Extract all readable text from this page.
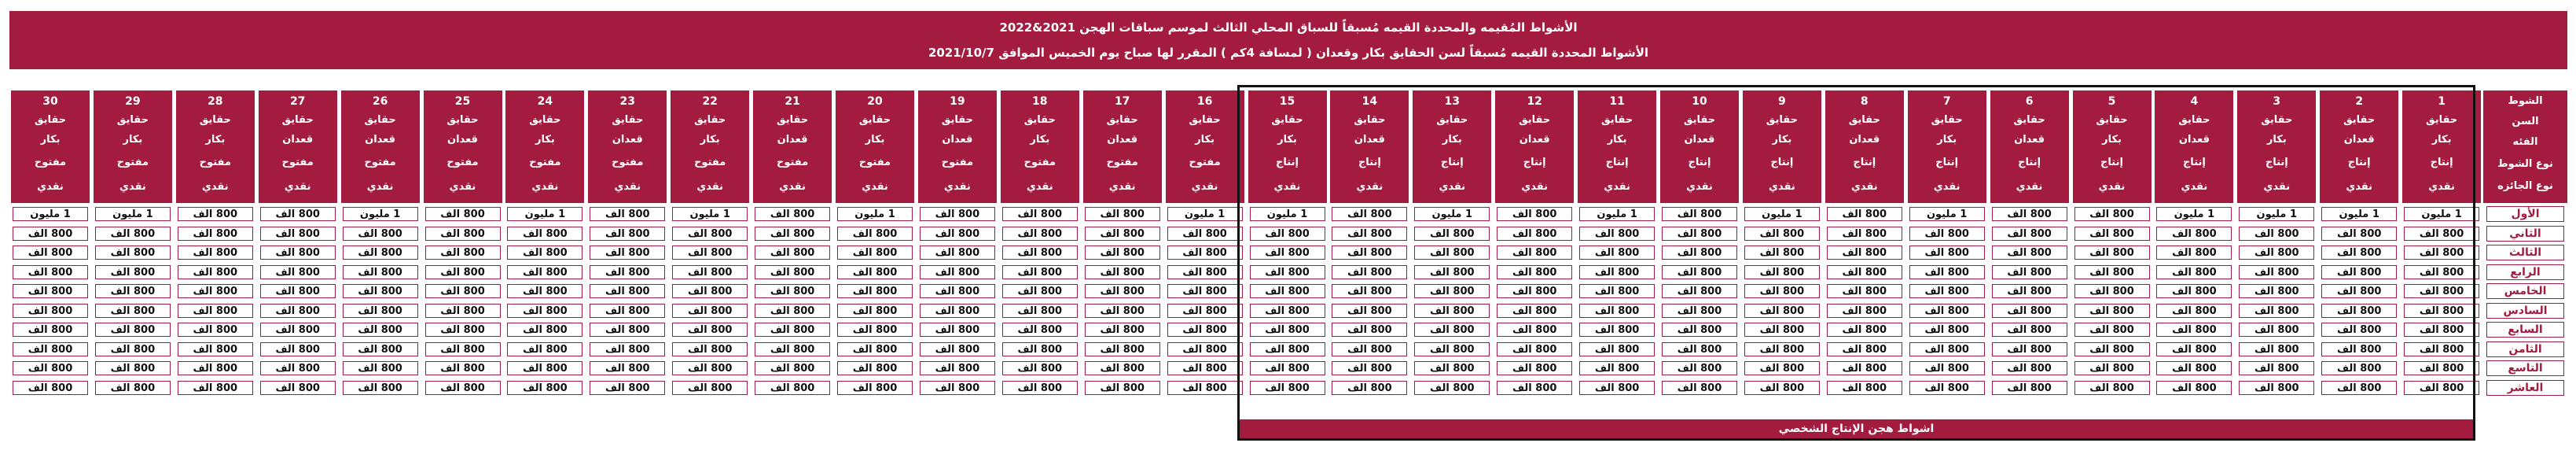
الأشواط المُقيمه والمحددة القيمه مُسبقاً للسباق المحلي الثالث لموسم سباقات الهجن 2021&2022
الأشواط المحددة القيمه مُسبقاً لسن الحقايق بكار وقعدان ( لمسافة 4كم ) المقرر لها صباح يوم الخميس الموافق 2021/10/7
الشوط
السن
الفئه
نوع الشوط
نوع الجائزه
الأول
الثاني
الثالث
الرابع
الخامس
السادس
السابع
الثامن
التاسع
العاشر
1
حقايق
بكار
إنتاج
نقدي
1 مليون
800 الف
800 الف
800 الف
800 الف
800 الف
800 الف
800 الف
800 الف
800 الف
2
حقايق
قعدان
إنتاج
نقدي
1 مليون
800 الف
800 الف
800 الف
800 الف
800 الف
800 الف
800 الف
800 الف
800 الف
3
حقايق
بكار
إنتاج
نقدي
1 مليون
800 الف
800 الف
800 الف
800 الف
800 الف
800 الف
800 الف
800 الف
800 الف
4
حقايق
قعدان
إنتاج
نقدي
1 مليون
800 الف
800 الف
800 الف
800 الف
800 الف
800 الف
800 الف
800 الف
800 الف
5
حقايق
بكار
إنتاج
نقدي
800 الف
800 الف
800 الف
800 الف
800 الف
800 الف
800 الف
800 الف
800 الف
800 الف
6
حقايق
قعدان
إنتاج
نقدي
800 الف
800 الف
800 الف
800 الف
800 الف
800 الف
800 الف
800 الف
800 الف
800 الف
7
حقايق
بكار
إنتاج
نقدي
1 مليون
800 الف
800 الف
800 الف
800 الف
800 الف
800 الف
800 الف
800 الف
800 الف
8
حقايق
قعدان
إنتاج
نقدي
800 الف
800 الف
800 الف
800 الف
800 الف
800 الف
800 الف
800 الف
800 الف
800 الف
9
حقايق
بكار
إنتاج
نقدي
1 مليون
800 الف
800 الف
800 الف
800 الف
800 الف
800 الف
800 الف
800 الف
800 الف
10
حقايق
قعدان
إنتاج
نقدي
800 الف
800 الف
800 الف
800 الف
800 الف
800 الف
800 الف
800 الف
800 الف
800 الف
11
حقايق
بكار
إنتاج
نقدي
1 مليون
800 الف
800 الف
800 الف
800 الف
800 الف
800 الف
800 الف
800 الف
800 الف
12
حقايق
قعدان
إنتاج
نقدي
800 الف
800 الف
800 الف
800 الف
800 الف
800 الف
800 الف
800 الف
800 الف
800 الف
13
حقايق
بكار
إنتاج
نقدي
1 مليون
800 الف
800 الف
800 الف
800 الف
800 الف
800 الف
800 الف
800 الف
800 الف
14
حقايق
قعدان
إنتاج
نقدي
800 الف
800 الف
800 الف
800 الف
800 الف
800 الف
800 الف
800 الف
800 الف
800 الف
15
حقايق
بكار
إنتاج
نقدي
1 مليون
800 الف
800 الف
800 الف
800 الف
800 الف
800 الف
800 الف
800 الف
800 الف
16
حقايق
بكار
مفتوح
نقدي
1 مليون
800 الف
800 الف
800 الف
800 الف
800 الف
800 الف
800 الف
800 الف
800 الف
17
حقايق
قعدان
مفتوح
نقدي
800 الف
800 الف
800 الف
800 الف
800 الف
800 الف
800 الف
800 الف
800 الف
800 الف
18
حقايق
بكار
مفتوح
نقدي
800 الف
800 الف
800 الف
800 الف
800 الف
800 الف
800 الف
800 الف
800 الف
800 الف
19
حقايق
قعدان
مفتوح
نقدي
800 الف
800 الف
800 الف
800 الف
800 الف
800 الف
800 الف
800 الف
800 الف
800 الف
20
حقايق
بكار
مفتوح
نقدي
1 مليون
800 الف
800 الف
800 الف
800 الف
800 الف
800 الف
800 الف
800 الف
800 الف
21
حقايق
قعدان
مفتوح
نقدي
800 الف
800 الف
800 الف
800 الف
800 الف
800 الف
800 الف
800 الف
800 الف
800 الف
22
حقايق
بكار
مفتوح
نقدي
1 مليون
800 الف
800 الف
800 الف
800 الف
800 الف
800 الف
800 الف
800 الف
800 الف
23
حقايق
قعدان
مفتوح
نقدي
800 الف
800 الف
800 الف
800 الف
800 الف
800 الف
800 الف
800 الف
800 الف
800 الف
24
حقايق
بكار
مفتوح
نقدي
1 مليون
800 الف
800 الف
800 الف
800 الف
800 الف
800 الف
800 الف
800 الف
800 الف
25
حقايق
قعدان
مفتوح
نقدي
800 الف
800 الف
800 الف
800 الف
800 الف
800 الف
800 الف
800 الف
800 الف
800 الف
26
حقايق
قعدان
مفتوح
نقدي
1 مليون
800 الف
800 الف
800 الف
800 الف
800 الف
800 الف
800 الف
800 الف
800 الف
27
حقايق
قعدان
مفتوح
نقدي
800 الف
800 الف
800 الف
800 الف
800 الف
800 الف
800 الف
800 الف
800 الف
800 الف
28
حقايق
بكار
مفتوح
نقدي
800 الف
800 الف
800 الف
800 الف
800 الف
800 الف
800 الف
800 الف
800 الف
800 الف
29
حقايق
بكار
مفتوح
نقدي
1 مليون
800 الف
800 الف
800 الف
800 الف
800 الف
800 الف
800 الف
800 الف
800 الف
30
حقايق
بكار
مفتوح
نقدي
1 مليون
800 الف
800 الف
800 الف
800 الف
800 الف
800 الف
800 الف
800 الف
800 الف
اشواط هجن الإنتاج الشخصي
